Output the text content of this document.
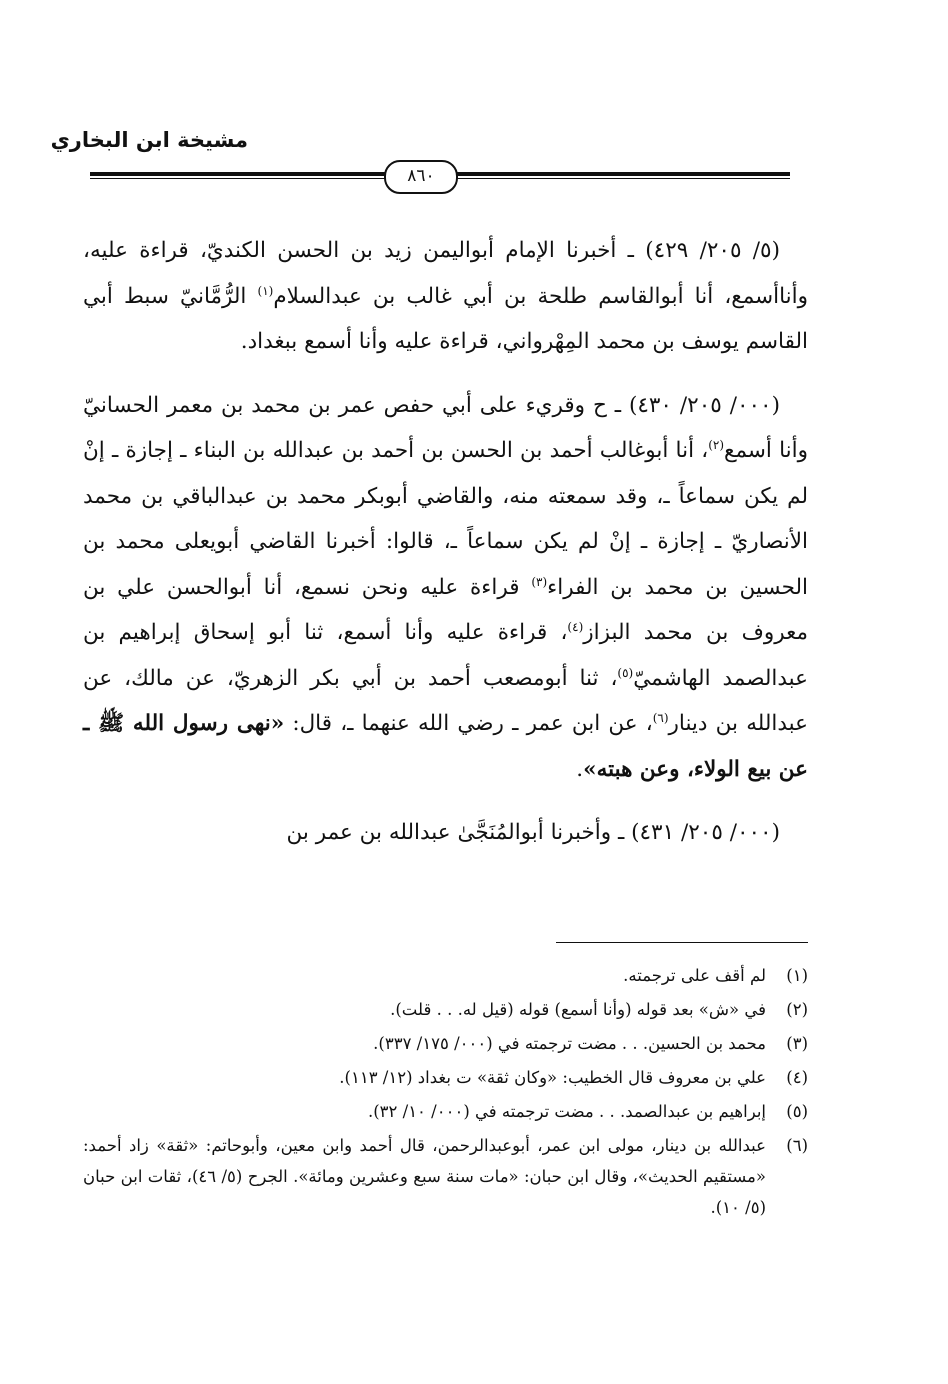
مشيخة ابن البخاري
٨٦٠

(٥/ ٢٠٥/ ٤٢٩) ـ أخبرنا الإمام أبواليمن زيد بن الحسن الكنديّ، قراءة عليه، وأناأسمع، أنا أبوالقاسم طلحة بن أبي غالب بن عبدالسلام$^{(١)}$ الرُّمَّانيّ سبط أبي القاسم يوسف بن محمد المِهْرواني، قراءة عليه وأنا أسمع ببغداد.

(٠٠٠/ ٢٠٥/ ٤٣٠) ـ ح وقريء على أبي حفص عمر بن محمد بن معمر الحسانيّ وأنا أسمع$^{(٢)}$، أنا أبوغالب أحمد بن الحسن بن أحمد بن عبدالله بن البناء ـ إجازة ـ إنْ لم يكن سماعاً ـ، وقد سمعته منه، والقاضي أبوبكر محمد بن عبدالباقي بن محمد الأنصاريّ ـ إجازة ـ إنْ لم يكن سماعاً ـ، قالوا: أخبرنا القاضي أبويعلى محمد بن الحسين بن محمد بن الفراء$^{(٣)}$ قراءة عليه ونحن نسمع، أنا أبوالحسن علي بن معروف بن محمد البزاز$^{(٤)}$، قراءة عليه وأنا أسمع، ثنا أبو إسحاق إبراهيم بن عبدالصمد الهاشميّ$^{(٥)}$، ثنا أبومصعب أحمد بن أبي بكر الزهريّ، عن مالك، عن عبدالله بن دينار$^{(٦)}$، عن ابن عمر ـ رضي الله عنهما ـ، قال: «نهى رسول الله ﷺ ـ عن بيع الولاء، وعن هبته».

(٠٠٠/ ٢٠٥/ ٤٣١) ـ وأخبرنا أبوالمُنَجَّىٰ عبدالله بن عمر بن

(١)
لم أقف على ترجمته.
(٢)
في «ش» بعد قوله (وأنا أسمع) قوله (قيل له. . . قلت).
(٣)
محمد بن الحسين. . . مضت ترجمته في (٠٠٠/ ١٧٥/ ٣٣٧).
(٤)
علي بن معروف قال الخطيب: «وكان ثقة» ت بغداد (١٢/ ١١٣).
(٥)
إبراهيم بن عبدالصمد. . . مضت ترجمته في (٠٠٠/ ١٠/ ٣٢).
(٦)
عبدالله بن دينار، مولى ابن عمر، أبوعبدالرحمن، قال أحمد وابن معين، وأبوحاتم: «ثقة» زاد أحمد: «مستقيم الحديث»، وقال ابن حبان: «مات سنة سبع وعشرين ومائة». الجرح (٥/ ٤٦)، ثقات ابن حبان (٥/ ١٠).
